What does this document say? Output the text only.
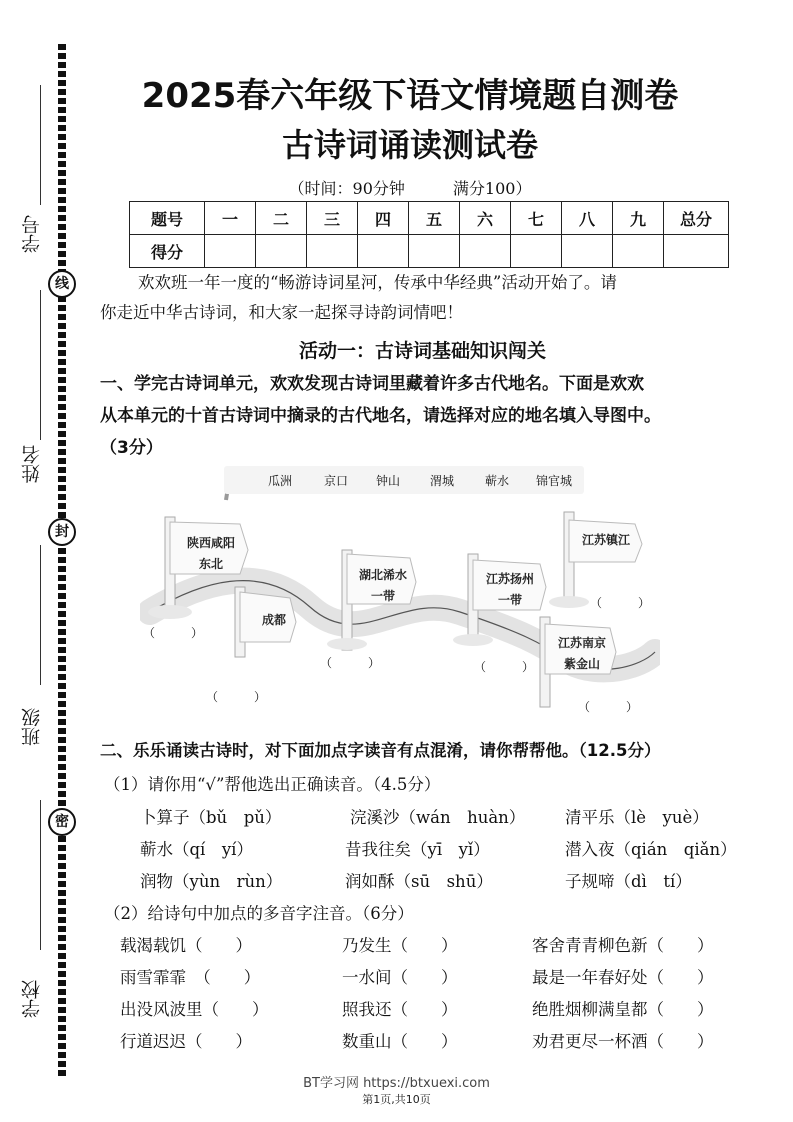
学号
姓名
班级
学校
线
封
密
2025春六年级下语文情境题自测卷
古诗词诵读测试卷
（时间：90分钟　　　满分100）
题号	一	二	三	四	五	六	七	八	九	总分
得分										
欢欢班一年一度的“畅游诗词星河，传承中华经典”活动开始了。请
你走近中华古诗词，和大家一起探寻诗韵词情吧！
活动一：古诗词基础知识闯关
一、学完古诗词单元，欢欢发现古诗词里藏着许多古代地名。下面是欢欢
从本单元的十首古诗词中摘录的古代地名，请选择对应的地名填入导图中。
（3分）
瓜洲	京口 钟山 渭城	蕲水 锦官城
陕西咸阳
东北
成都
湖北浠水
一带
江苏扬州
一带
江苏镇江
江苏南京
紫金山
（　　　）
（　　　）
（　　　）	（　　　）
（　　　）
（　　　）
二、乐乐诵读古诗时，对下面加点字读音有点混淆，请你帮帮他。（12.5分）
（1）请你用“√”帮他选出正确读音。（4.5分）
卜算子（bǔ　pǔ）	浣溪沙（wán　huàn） 清平乐（lè　yuè）
蕲水（qí　yí）	昔我往矣（yī　yǐ）	潜入夜（qián　qiǎn）
润物（yùn　rùn）	润如酥（sū　shū）	子规啼（dì　tí）
（2）给诗句中加点的多音字注音。（6分）
载渴载饥（　　）	乃发生（　　）	客舍青青柳色新（　　）
雨雪霏霏　（　　）	一水间（　　）	最是一年春好处（　　）
出没风波里（　　）	照我还（　　）	绝胜烟柳满皇都（　　）
行道迟迟（　　）	数重山（　　）	劝君更尽一杯酒（　　）
BT学习网 https://btxuexi.com
第1页,共10页
